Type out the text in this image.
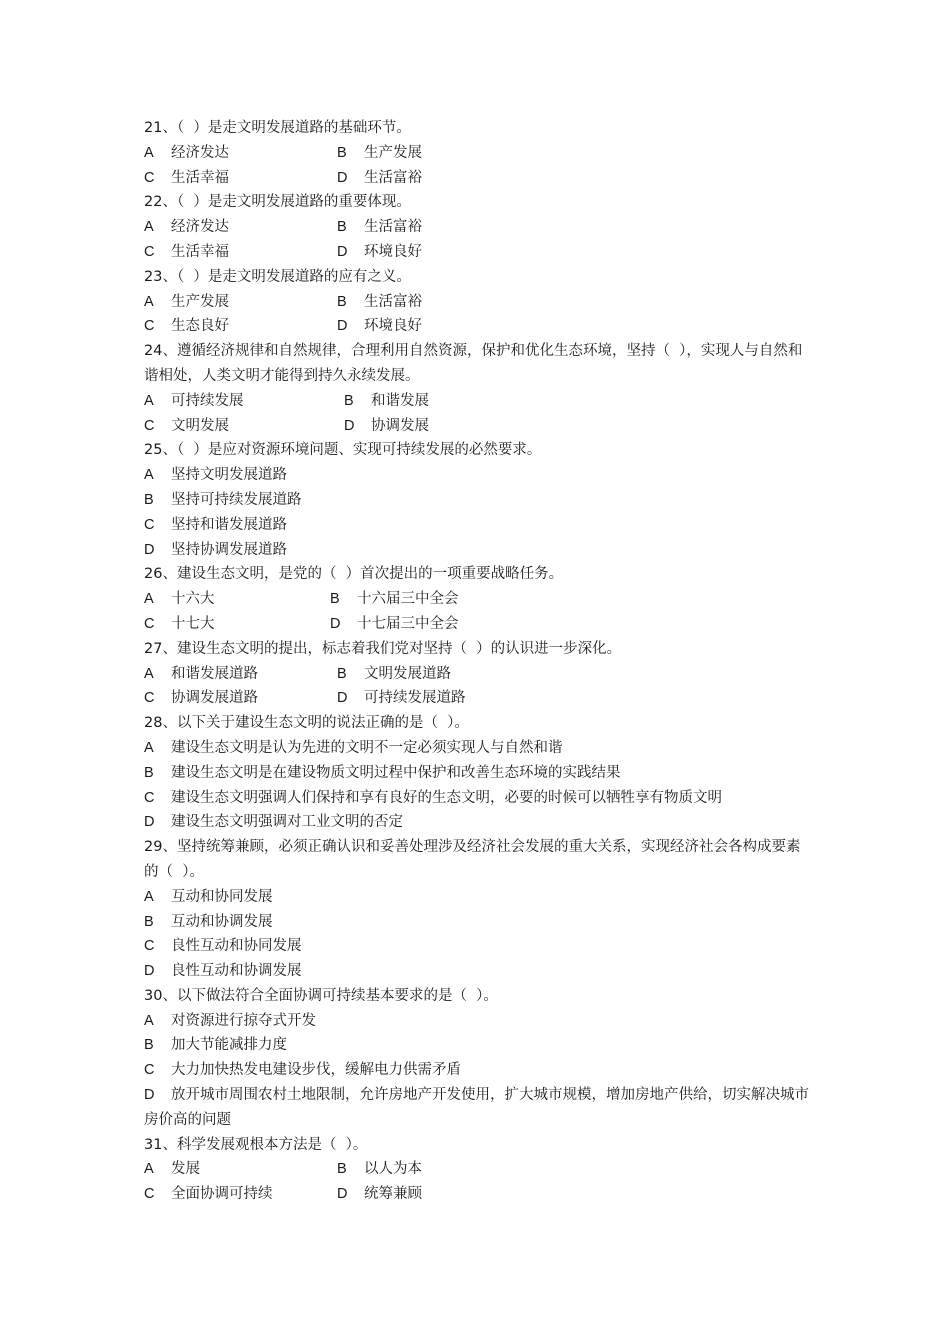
21、（  ）是走文明发展道路的基础环节。
A	经济发达	B	生产发展
C	生活幸福	D	生活富裕
22、（  ）是走文明发展道路的重要体现。
A	经济发达	B	生活富裕
C	生活幸福	D	环境良好
23、（  ）是走文明发展道路的应有之义。
A	生产发展	B	生活富裕
C	生态良好	D	环境良好
24、遵循经济规律和自然规律，合理利用自然资源，保护和优化生态环境，坚持（  ），实现人与自然和谐相处，人类文明才能得到持久永续发展。
A	可持续发展	B	和谐发展
C	文明发展	D	协调发展
25、（  ）是应对资源环境问题、实现可持续发展的必然要求。
A 坚持文明发展道路
B 坚持可持续发展道路
C 坚持和谐发展道路
D 坚持协调发展道路
26、建设生态文明，是党的（  ）首次提出的一项重要战略任务。
A	十六大	B	十六届三中全会
C	十七大	D	十七届三中全会
27、建设生态文明的提出，标志着我们党对坚持（  ）的认识进一步深化。
A	和谐发展道路	B	文明发展道路
C	协调发展道路	D	可持续发展道路
28、以下关于建设生态文明的说法正确的是（  ）。
A 建设生态文明是认为先进的文明不一定必须实现人与自然和谐
B 建设生态文明是在建设物质文明过程中保护和改善生态环境的实践结果
C 建设生态文明强调人们保持和享有良好的生态文明，必要的时候可以牺牲享有物质文明
D 建设生态文明强调对工业文明的否定
29、坚持统筹兼顾，必须正确认识和妥善处理涉及经济社会发展的重大关系，实现经济社会各构成要素的（  ）。
A 互动和协同发展
B 互动和协调发展
C 良性互动和协同发展
D 良性互动和协调发展
30、以下做法符合全面协调可持续基本要求的是（  ）。
A 对资源进行掠夺式开发
B 加大节能减排力度
C 大力加快热发电建设步伐，缓解电力供需矛盾
D 放开城市周围农村土地限制，允许房地产开发使用，扩大城市规模，增加房地产供给，切实解决城市房价高的问题
31、科学发展观根本方法是（  ）。
A	发展	B	以人为本
C	全面协调可持续	D	统筹兼顾
